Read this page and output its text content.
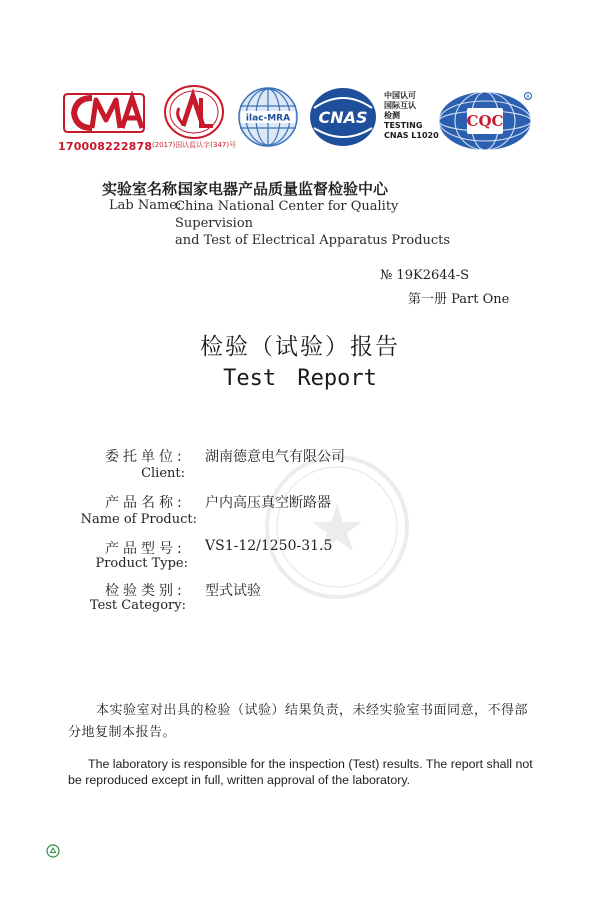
170008222878 (2017)国认监认字(347)号
ilac-MRA CNAS
中国认可
国际互认
检测
TESTING
CNAS L1020
CQC
R
实验室名称:
国家电器产品质量监督检验中心
Lab Name:
China National Center for Quality Supervision
and Test of Electrical Apparatus Products
№ 19K2644-S
第一册 Part One
检验（试验）报告
Test Report
委托单位:
Client:
湖南德意电气有限公司
产品名称:
Name of Product:
户内高压真空断路器
产品型号:
Product Type:
VS1-12/1250-31.5
检验类别:
Test Category:
型式试验
本实验室对出具的检验（试验）结果负责，未经实验室书面同意，不得部分地复制本报告。
The laboratory is responsible for the inspection (Test) results. The report shall not be reproduced except in full, written approval of the laboratory.
